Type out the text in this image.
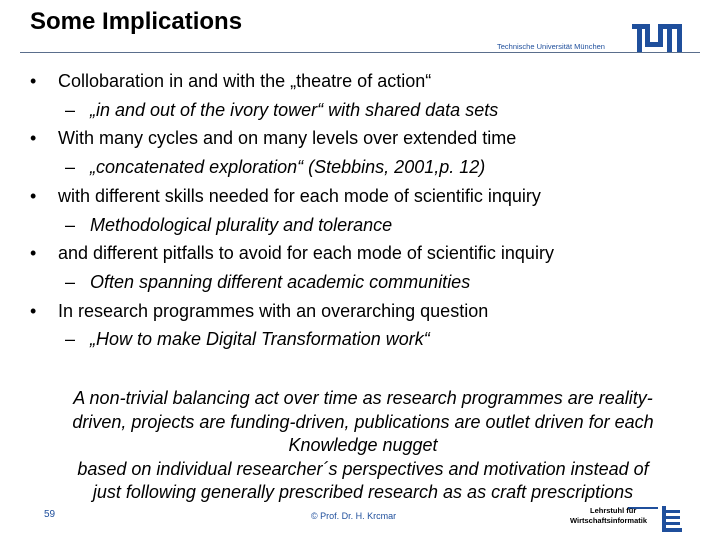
Some Implications
Technische Universität München
• Collobaration in and with the „theatre of action“
– „in and out of the ivory tower“ with shared data sets
• With many cycles and on many levels over extended time
– „concatenated exploration“ (Stebbins, 2001,p. 12)
• with different skills needed for each mode of scientific inquiry
– Methodological plurality and tolerance
• and different pitfalls to avoid for each mode of scientific inquiry
– Often spanning different academic communities
• In research programmes with an overarching question
– „How to make Digital Transformation work“
A non-trivial balancing act over time as research programmes are reality-
driven, projects are funding-driven, publications are outlet driven for each
Knowledge nugget
based on individual researcher´s perspectives and motivation instead of
just following generally prescribed research as as craft prescriptions
59	© Prof. Dr. H. Krcmar
Lehrstuhl für
Wirtschaftsinformatik
